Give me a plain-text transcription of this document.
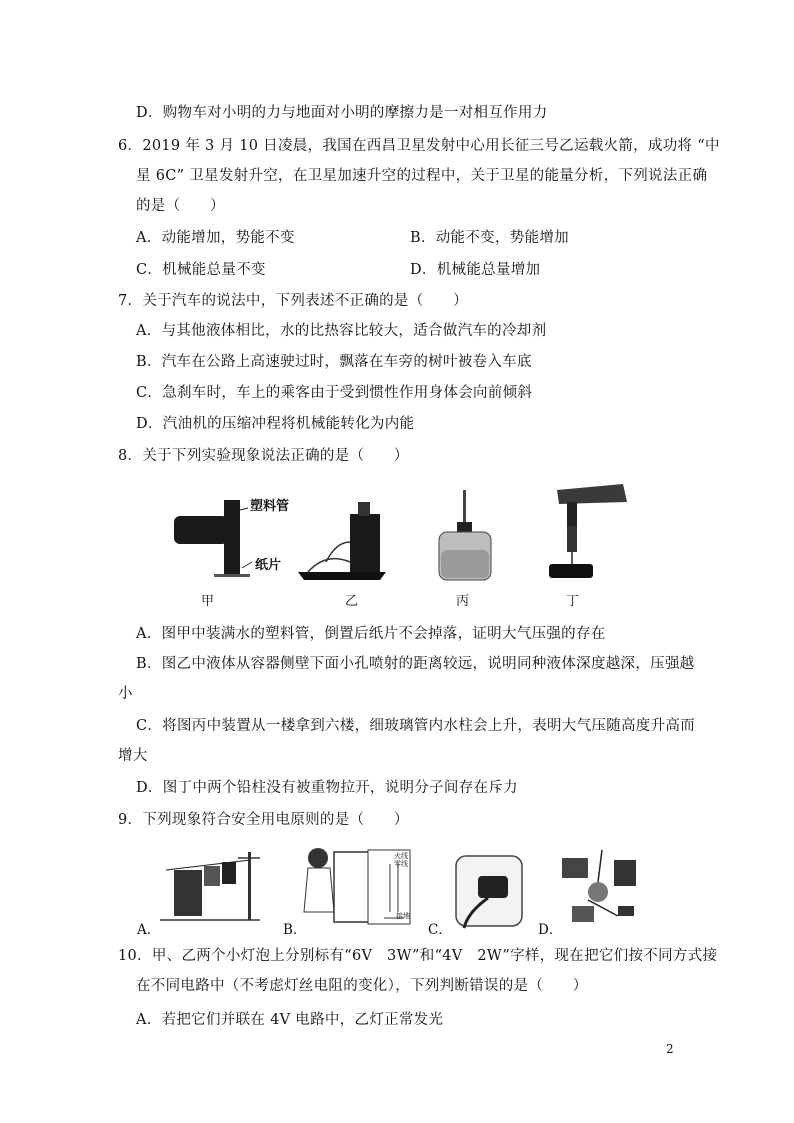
D．购物车对小明的力与地面对小明的摩擦力是一对相互作用力
6．2019 年 3 月 10 日凌晨，我国在西昌卫星发射中心用长征三号乙运载火箭，成功将 “中
星 6C” 卫星发射升空，在卫星加速升空的过程中，关于卫星的能量分析，下列说法正确
的是（　　）
A．动能增加，势能不变	B．动能不变，势能增加
C．机械能总量不变	D．机械能总量增加
7．关于汽车的说法中，下列表述不正确的是（　　）
A．与其他液体相比，水的比热容比较大，适合做汽车的冷却剂
B．汽车在公路上高速驶过时，飘落在车旁的树叶被卷入车底
C．急刹车时，车上的乘客由于受到惯性作用身体会向前倾斜
D．汽油机的压缩冲程将机械能转化为内能
8．关于下列实验现象说法正确的是（　　）
塑料管
纸片
甲	乙	丙	丁
A．图甲中装满水的塑料管，倒置后纸片不会掉落，证明大气压强的存在
B．图乙中液体从容器侧壁下面小孔喷射的距离较远，说明同种液体深度越深，压强越
小
C．将图丙中装置从一楼拿到六楼，细玻璃管内水柱会上升，表明大气压随高度升高而
增大
D．图丁中两个铅柱没有被重物拉开，说明分子间存在斥力
9．下列现象符合安全用电原则的是（　　）
A．
火线
零线
接地
B．	C．	D．
10．甲、乙两个小灯泡上分别标有“6V　3W”和“4V　2W”字样，现在把它们按不同方式接
在不同电路中（不考虑灯丝电阻的变化），下列判断错误的是（　　）
A．若把它们并联在 4V 电路中，乙灯正常发光
2
